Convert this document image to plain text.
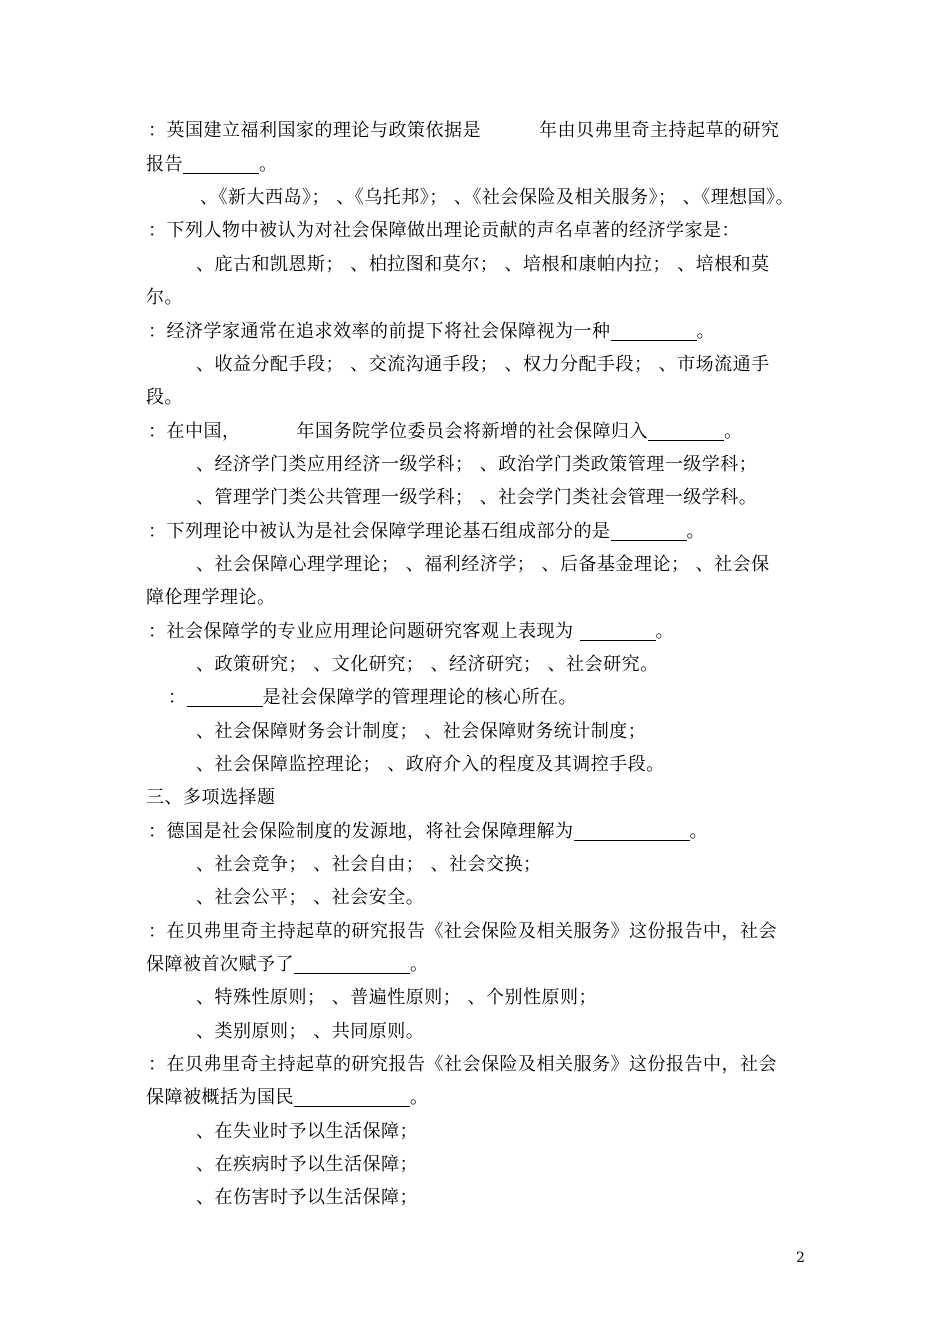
：英国建立福利国家的理论与政策依据是	年由贝弗里奇主持起草的研究
报告	。
、《新大西岛》； 、《乌托邦》； 、《社会保险及相关服务》； 、《理想国》。
：下列人物中被认为对社会保障做出理论贡献的声名卓著的经济学家是：
、庇古和凯恩斯； 、柏拉图和莫尔； 、培根和康帕内拉； 、培根和莫
尔。
：经济学家通常在追求效率的前提下将社会保障视为一种	。
、收益分配手段； 、交流沟通手段； 、权力分配手段； 、市场流通手
段。
：在中国，	年国务院学位委员会将新增的社会保障归入	。
、经济学门类应用经济一级学科； 、政治学门类政策管理一级学科；
、管理学门类公共管理一级学科； 、社会学门类社会管理一级学科。
：下列理论中被认为是社会保障学理论基石组成部分的是	。
、社会保障心理学理论； 、福利经济学； 、后备基金理论； 、社会保
障伦理学理论。
：社会保障学的专业应用理论问题研究客观上表现为	。
、政策研究； 、文化研究； 、经济研究； 、社会研究。
：	是社会保障学的管理理论的核心所在。
、社会保障财务会计制度； 、社会保障财务统计制度；
、社会保障监控理论； 、政府介入的程度及其调控手段。
三、多项选择题
：德国是社会保险制度的发源地，将社会保障理解为	。
、社会竞争； 、社会自由； 、社会交换；
、社会公平； 、社会安全。
：在贝弗里奇主持起草的研究报告《社会保险及相关服务》这份报告中，社会
保障被首次赋予了	。
、特殊性原则； 、普遍性原则； 、个别性原则；
、类别原则； 、共同原则。
：在贝弗里奇主持起草的研究报告《社会保险及相关服务》这份报告中，社会
保障被概括为国民	。
、在失业时予以生活保障；
、在疾病时予以生活保障；
、在伤害时予以生活保障；
2
